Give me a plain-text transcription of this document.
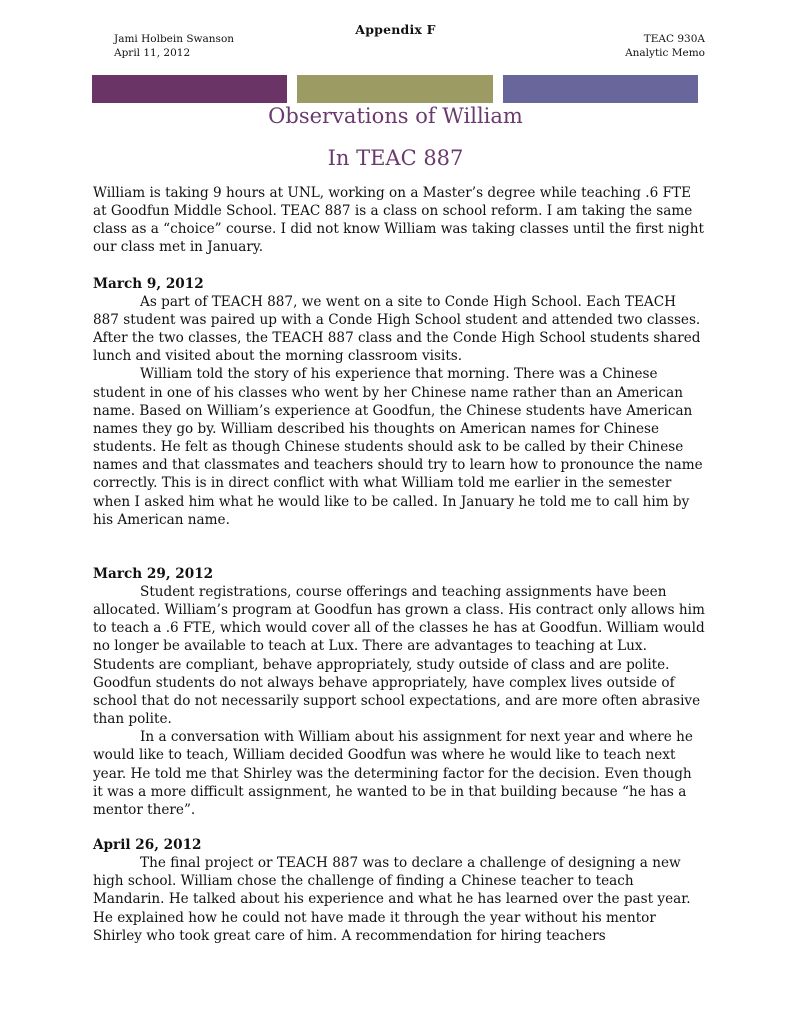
Appendix F
Jami Holbein Swanson
April 11, 2012
TEAC 930A
Analytic Memo
Observations of William
In TEAC 887

William is taking 9 hours at UNL, working on a Master’s degree while teaching .6 FTE at Goodfun Middle School. TEAC 887 is a class on school reform. I am taking the same class as a “choice” course. I did not know William was taking classes until the first night our class met in January.

March 9, 2012

As part of TEACH 887, we went on a site to Conde High School. Each TEACH 887 student was paired up with a Conde High School student and attended two classes. After the two classes, the TEACH 887 class and the Conde High School students shared lunch and visited about the morning classroom visits.

William told the story of his experience that morning. There was a Chinese student in one of his classes who went by her Chinese name rather than an American name. Based on William’s experience at Goodfun, the Chinese students have American names they go by. William described his thoughts on American names for Chinese students. He felt as though Chinese students should ask to be called by their Chinese names and that classmates and teachers should try to learn how to pronounce the name correctly. This is in direct conflict with what William told me earlier in the semester when I asked him what he would like to be called. In January he told me to call him by his American name.

March 29, 2012

Student registrations, course offerings and teaching assignments have been allocated. William’s program at Goodfun has grown a class. His contract only allows him to teach a .6 FTE, which would cover all of the classes he has at Goodfun. William would no longer be available to teach at Lux. There are advantages to teaching at Lux. Students are compliant, behave appropriately, study outside of class and are polite. Goodfun students do not always behave appropriately, have complex lives outside of school that do not necessarily support school expectations, and are more often abrasive than polite.

In a conversation with William about his assignment for next year and where he would like to teach, William decided Goodfun was where he would like to teach next year. He told me that Shirley was the determining factor for the decision. Even though it was a more difficult assignment, he wanted to be in that building because “he has a mentor there”.

April 26, 2012

The final project or TEACH 887 was to declare a challenge of designing a new high school. William chose the challenge of finding a Chinese teacher to teach Mandarin. He talked about his experience and what he has learned over the past year. He explained how he could not have made it through the year without his mentor Shirley who took great care of him. A recommendation for hiring teachers
